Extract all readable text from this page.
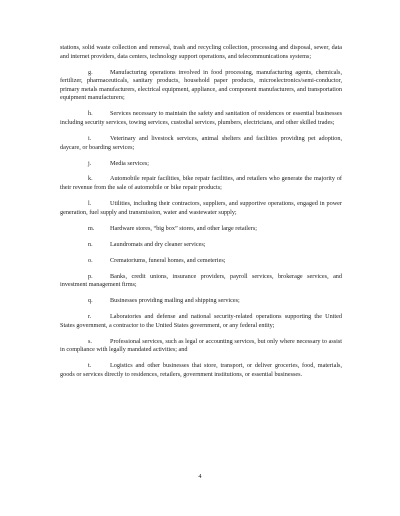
stations, solid waste collection and removal, trash and recycling collection, processing and disposal, sewer, data and internet providers, data centers, technology support operations, and telecommunications systems;

g.	Manufacturing operations involved in food processing, manufacturing agents, chemicals, fertilizer, pharmaceuticals, sanitary products, household paper products, microelectronics/semi-conductor, primary metals manufacturers, electrical equipment, appliance, and component manufacturers, and transportation equipment manufacturers;

h.	Services necessary to maintain the safety and sanitation of residences or essential businesses including security services, towing services, custodial services, plumbers, electricians, and other skilled trades;

i.	Veterinary and livestock services, animal shelters and facilities providing pet adoption, daycare, or boarding services;

j.	Media services;

k.	Automobile repair facilities, bike repair facilities, and retailers who generate the majority of their revenue from the sale of automobile or bike repair products;

l.	Utilities, including their contractors, suppliers, and supportive operations, engaged in power generation, fuel supply and transmission, water and wastewater supply;

m.	Hardware stores, “big box” stores, and other large retailers;

n.	Laundromats and dry cleaner services;

o.	Crematoriums, funeral homes, and cemeteries;

p.	Banks, credit unions, insurance providers, payroll services, brokerage services, and investment management firms;

q.	Businesses providing mailing and shipping services;

r.	Laboratories and defense and national security-related operations supporting the United States government, a contractor to the United States government, or any federal entity;

s.	Professional services, such as legal or accounting services, but only where necessary to assist in compliance with legally mandated activities; and

t.	Logistics and other businesses that store, transport, or deliver groceries, food, materials, goods or services directly to residences, retailers, government institutions, or essential businesses.

4
